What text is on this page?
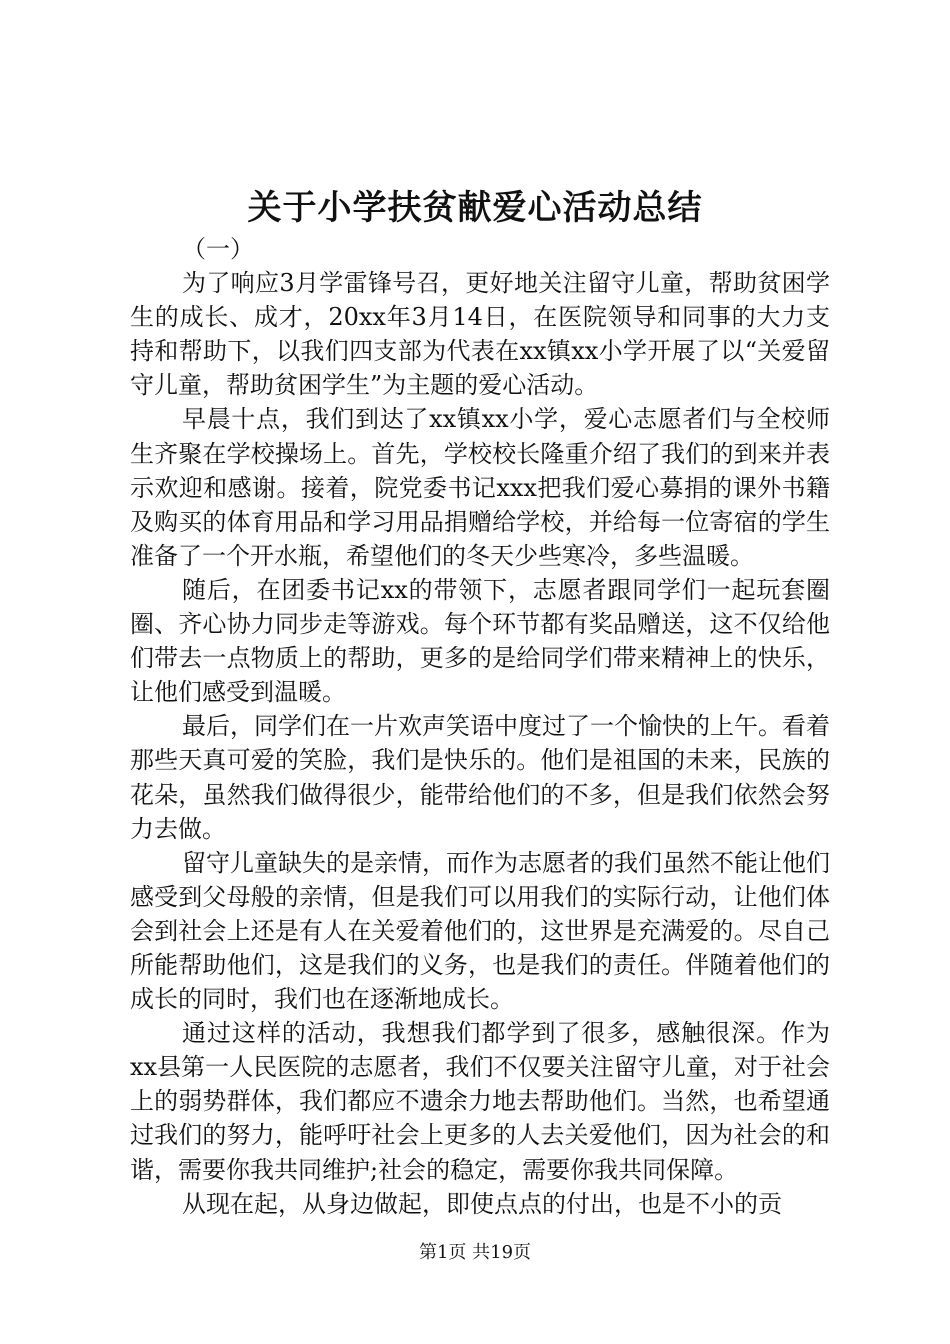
关于小学扶贫献爱心活动总结

（一）

为了响应3月学雷锋号召，更好地关注留守儿童，帮助贫困学生的成长、成才，20xx年3月14日，在医院领导和同事的大力支持和帮助下，以我们四支部为代表在xx镇xx小学开展了以“关爱留守儿童，帮助贫困学生”为主题的爱心活动。

早晨十点，我们到达了xx镇xx小学，爱心志愿者们与全校师生齐聚在学校操场上。首先，学校校长隆重介绍了我们的到来并表示欢迎和感谢。接着，院党委书记xxx把我们爱心募捐的课外书籍及购买的体育用品和学习用品捐赠给学校，并给每一位寄宿的学生准备了一个开水瓶，希望他们的冬天少些寒冷，多些温暖。

随后，在团委书记xx的带领下，志愿者跟同学们一起玩套圈圈、齐心协力同步走等游戏。每个环节都有奖品赠送，这不仅给他们带去一点物质上的帮助，更多的是给同学们带来精神上的快乐，让他们感受到温暖。

最后，同学们在一片欢声笑语中度过了一个愉快的上午。看着那些天真可爱的笑脸，我们是快乐的。他们是祖国的未来，民族的花朵，虽然我们做得很少，能带给他们的不多，但是我们依然会努力去做。

留守儿童缺失的是亲情，而作为志愿者的我们虽然不能让他们感受到父母般的亲情，但是我们可以用我们的实际行动，让他们体会到社会上还是有人在关爱着他们的，这世界是充满爱的。尽自己所能帮助他们，这是我们的义务，也是我们的责任。伴随着他们的成长的同时，我们也在逐渐地成长。

通过这样的活动，我想我们都学到了很多，感触很深。作为xx县第一人民医院的志愿者，我们不仅要关注留守儿童，对于社会上的弱势群体，我们都应不遗余力地去帮助他们。当然，也希望通过我们的努力，能呼吁社会上更多的人去关爱他们，因为社会的和谐，需要你我共同维护;社会的稳定，需要你我共同保障。

从现在起，从身边做起，即使点点的付出，也是不小的贡

第1页 共19页
